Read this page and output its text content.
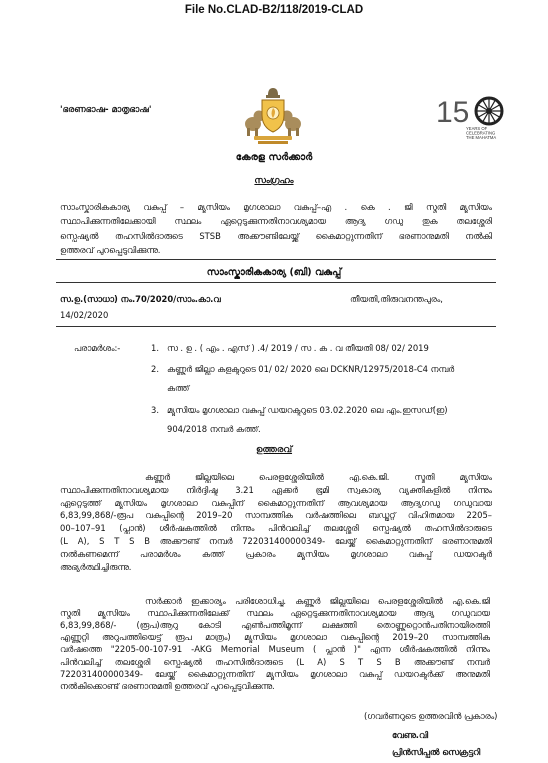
File No.CLAD-B2/118/2019-CLAD
'ഭരണഭാഷ- മാതൃഭാഷ'	15
YEARS OF
CELEBRATING
THE MAHATMA
കേരള സർക്കാർ
സംഗ്രഹം
സാംസ്കാരികകാര്യ വകുപ്പ് – മ്യൂസിയം മൃഗശാലാ വകുപ്പ്–എ . കെ . ജി സ്മൃതി മ്യൂസിയം
സ്ഥാപിക്കുന്നതിലേക്കായി സ്ഥലം ഏറ്റെടുക്കുന്നതിനാവശ്യമായ ആദ്യ ഗഡു തുക തലശ്ശേരി
സ്പെഷ്യൽ തഹസിൽദാരുടെ STSB അക്കൗണ്ടിലേയ്ക്ക് കൈമാറ്റുന്നതിന് ഭരണാനുമതി നൽകി
ഉത്തരവ് പുറപ്പെടുവിക്കുന്നു.
സാംസ്കാരികകാര്യ (ബി) വകുപ്പ്
സ.ഉ.(സാധാ) നം.70/2020/സാം.കാ.വ	തീയതി,തിരുവനന്തപുരം,
14/02/2020
പരാമർശം:-	1. സ . ഉ . ( എം . എസ് ) .4/ 2019 / സ . ക . വ തീയതി 08/ 02/ 2019
2. കണ്ണൂർ ജില്ലാ കളക്ടറുടെ 01/ 02/ 2020 ലെ DCKNR/12975/2018-C4 നമ്പർ
കത്ത്
3. മ്യൂസിയം മൃഗശാലാ വകുപ്പ് ഡയറക്ടറുടെ 03.02.2020 ലെ എം.ഇസഡ്(ഇ)
904/2018 നമ്പർ കത്ത്.
ഉത്തരവ്
കണ്ണൂർ ജില്ലയിലെ പെരളശ്ശേരിയിൽ എ.കെ.ജി. സ്മൃതി മ്യൂസിയം
സ്ഥാപിക്കുന്നതിനാവശ്യമായ നിർദ്ദിഷ്ട 3.21 ഏക്കർ ഭൂമി സ്വകാര്യ വ്യക്തികളിൽ നിന്നും
ഏറ്റെടുത്ത് മ്യൂസിയം മൃഗശാലാ വകുപ്പിന് കൈമാറ്റുന്നതിന് ആവശ്യമായ ആദ്യഗഡു ഗഡുവായ
6,83,99,868/-രൂപ വകുപ്പിന്റെ 2019–20 സാമ്പത്തിക വർഷത്തിലെ ബഡ്ജറ്റ് വിഹിതമായ 2205–
00–107–91 (പ്ലാൻ) ശീർഷകത്തിൽ നിന്നും പിൻവലിച്ച് തലശ്ശേരി സ്പെഷ്യൽ തഹസിൽദാരുടെ
(L A), S T S B അക്കൗണ്ട് നമ്പർ 722031400000349- ലേയ്ക്ക് കൈമാറ്റുന്നതിന് ഭരണാനുമതി
നൽകണമെന്ന് പരാമർശം കത്ത് പ്രകാരം മ്യൂസിയം മൃഗശാലാ വകുപ്പ് ഡയറക്ടർ
അഭ്യർത്ഥിച്ചിരുന്നു.
സർക്കാർ ഇക്കാര്യം പരിശോധിച്ചു. കണ്ണൂർ ജില്ലയിലെ പെരളശ്ശേരിയിൽ എ.കെ.ജി
സ്മൃതി മ്യൂസിയം സ്ഥാപിക്കുന്നതിലേക്ക് സ്ഥലം ഏറ്റെടുക്കുന്നതിനാവശ്യമായ ആദ്യ ഗഡുവായ
6,83,99,868/- (രൂപ)ആറു കോടി എൺപത്തിമൂന്ന് ലക്ഷത്തി തൊണ്ണൂറ്റൊൻപതിനായിരത്തി
എണ്ണൂറ്റി അറുപത്തിയെട്ട് രൂപ മാത്രം) മ്യൂസിയം മൃഗശാലാ വകുപ്പിന്റെ 2019–20 സാമ്പത്തിക
വർഷത്തെ "2205-00-107-91 -AKG Memorial Museum ( പ്ലാൻ )" എന്ന ശീർഷകത്തിൽ നിന്നും
പിൻവലിച്ച് തലശ്ശേരി സ്പെഷ്യൽ തഹസിൽദാരുടെ (L A) S T S B അക്കൗണ്ട് നമ്പർ
722031400000349- ലേയ്ക്ക് കൈമാറ്റുന്നതിന് മ്യൂസിയം മൃഗശാലാ വകുപ്പ് ഡയറക്ടർക്ക് അനുമതി
നൽകിക്കൊണ്ട് ഭരണാനുമതി ഉത്തരവ് പുറപ്പെടുവിക്കുന്നു.
(ഗവർണറുടെ ഉത്തരവിൻ പ്രകാരം)
വേണു.വി
പ്രിൻസിപ്പൽ സെക്രട്ടറി
